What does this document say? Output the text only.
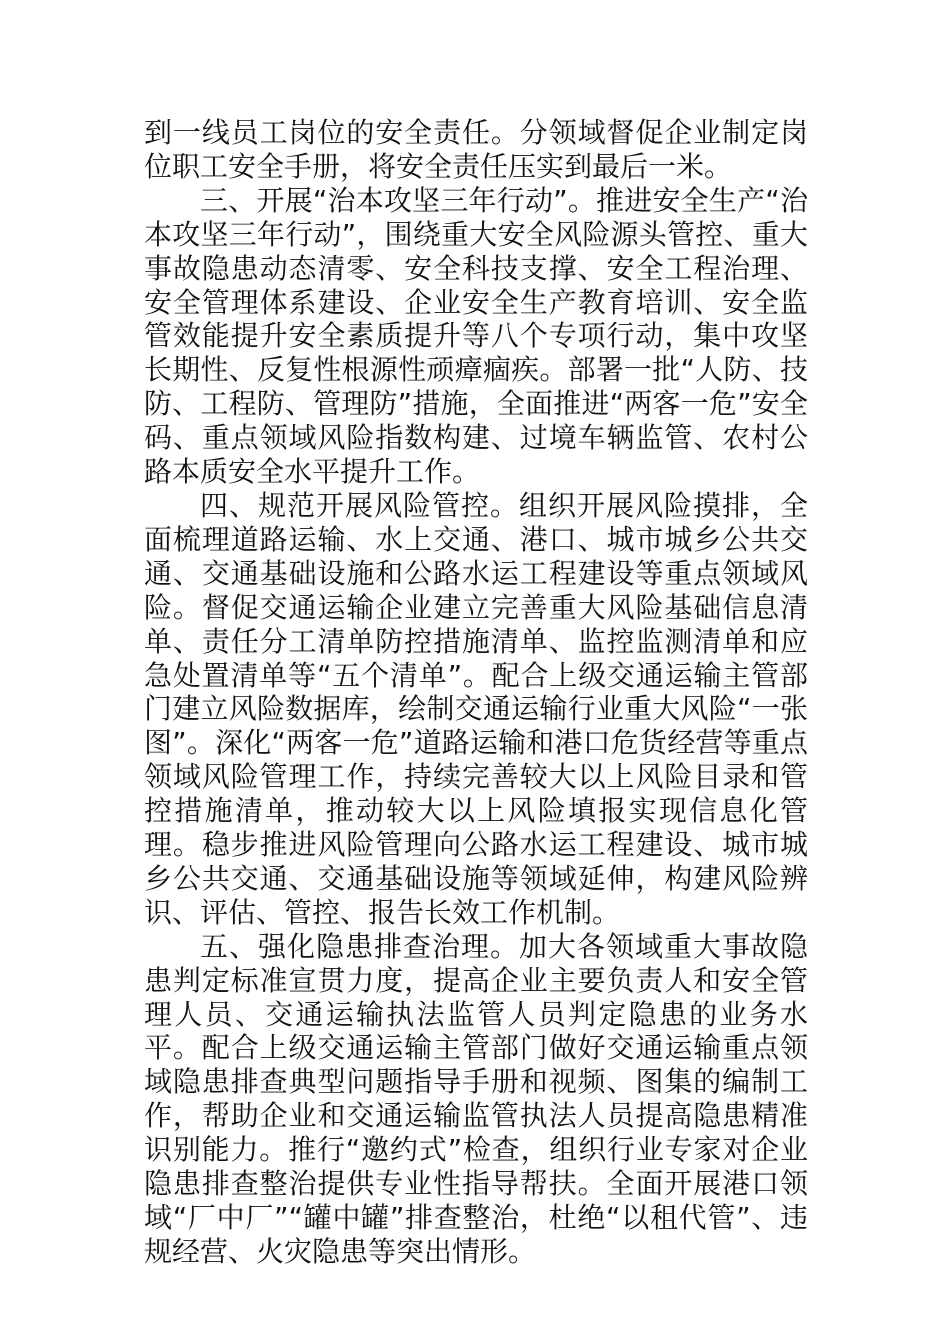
到一线员工岗位的安全责任。分领域督促企业制定岗位职工安全手册，将安全责任压实到最后一米。

三、开展“治本攻坚三年行动”。推进安全生产“治本攻坚三年行动”，围绕重大安全风险源头管控、重大事故隐患动态清零、安全科技支撑、安全工程治理、安全管理体系建设、企业安全生产教育培训、安全监管效能提升安全素质提升等八个专项行动，集中攻坚长期性、反复性根源性顽瘴痼疾。部署一批“人防、技防、工程防、管理防”措施，全面推进“两客一危”安全码、重点领域风险指数构建、过境车辆监管、农村公路本质安全水平提升工作。

四、规范开展风险管控。组织开展风险摸排，全面梳理道路运输、水上交通、港口、城市城乡公共交通、交通基础设施和公路水运工程建设等重点领域风险。督促交通运输企业建立完善重大风险基础信息清单、责任分工清单防控措施清单、监控监测清单和应急处置清单等“五个清单”。配合上级交通运输主管部门建立风险数据库，绘制交通运输行业重大风险“一张图”。深化“两客一危”道路运输和港口危货经营等重点领域风险管理工作，持续完善较大以上风险目录和管控措施清单，推动较大以上风险填报实现信息化管理。稳步推进风险管理向公路水运工程建设、城市城乡公共交通、交通基础设施等领域延伸，构建风险辨识、评估、管控、报告长效工作机制。

五、强化隐患排查治理。加大各领域重大事故隐患判定标准宣贯力度，提高企业主要负责人和安全管理人员、交通运输执法监管人员判定隐患的业务水平。配合上级交通运输主管部门做好交通运输重点领域隐患排查典型问题指导手册和视频、图集的编制工作，帮助企业和交通运输监管执法人员提高隐患精准识别能力。推行“邀约式”检查，组织行业专家对企业隐患排查整治提供专业性指导帮扶。全面开展港口领域“厂中厂”“罐中罐”排查整治，杜绝“以租代管”、违规经营、火灾隐患等突出情形。
